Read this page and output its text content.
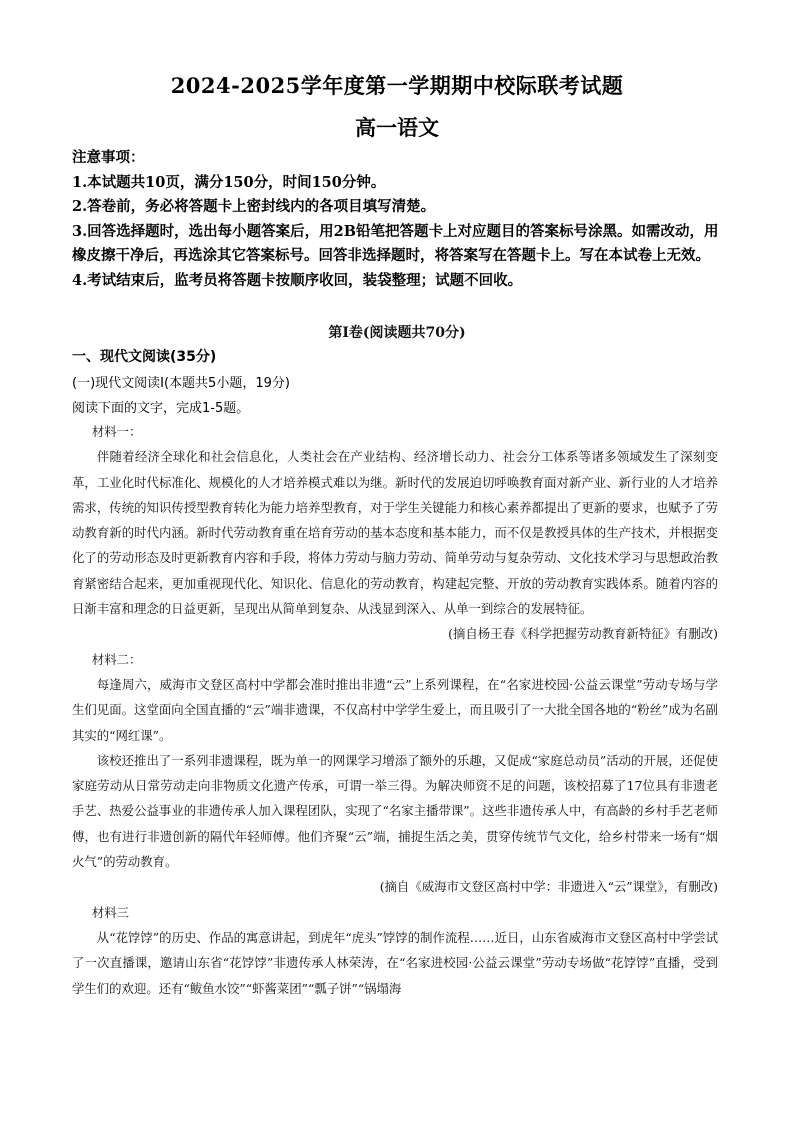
2024-2025学年度第一学期期中校际联考试题
高一语文

注意事项：

1.本试题共10页，满分150分，时间150分钟。

2.答卷前，务必将答题卡上密封线内的各项目填写清楚。

3.回答选择题时，选出每小题答案后，用2B铅笔把答题卡上对应题目的答案标号涂黑。如需改动，用橡皮擦干净后，再选涂其它答案标号。回答非选择题时，将答案写在答题卡上。写在本试卷上无效。

4.考试结束后，监考员将答题卡按顺序收回，装袋整理；试题不回收。

第Ⅰ卷(阅读题共70分)
一、现代文阅读(35分)
(一)现代文阅读Ⅰ(本题共5小题，19分)
阅读下面的文字，完成1-5题。

材料一：

伴随着经济全球化和社会信息化，人类社会在产业结构、经济增长动力、社会分工体系等诸多领域发生了深刻变革，工业化时代标准化、规模化的人才培养模式难以为继。新时代的发展迫切呼唤教育面对新产业、新行业的人才培养需求，传统的知识传授型教育转化为能力培养型教育，对于学生关键能力和核心素养都提出了更新的要求，也赋予了劳动教育新的时代内涵。新时代劳动教育重在培育劳动的基本态度和基本能力，而不仅是教授具体的生产技术，并根据变化了的劳动形态及时更新教育内容和手段，将体力劳动与脑力劳动、简单劳动与复杂劳动、文化技术学习与思想政治教育紧密结合起来，更加重视现代化、知识化、信息化的劳动教育，构建起完整、开放的劳动教育实践体系。随着内容的日渐丰富和理念的日益更新，呈现出从简单到复杂、从浅显到深入、从单一到综合的发展特征。

(摘自杨王春《科学把握劳动教育新特征》有删改)

材料二：

每逢周六，威海市文登区高村中学都会准时推出非遗“云”上系列课程，在“名家进校园·公益云课堂”劳动专场与学生们见面。这堂面向全国直播的“云”端非遗课，不仅高村中学学生爱上，而且吸引了一大批全国各地的“粉丝”成为名副其实的“网红课”。

该校还推出了一系列非遗课程，既为单一的网课学习增添了额外的乐趣，又促成“家庭总动员”活动的开展，还促使家庭劳动从日常劳动走向非物质文化遗产传承，可谓一举三得。为解决师资不足的问题，该校招募了17位具有非遗老手艺、热爱公益事业的非遗传承人加入课程团队，实现了“名家主播带课”。这些非遗传承人中，有高龄的乡村手艺老师傅，也有进行非遗创新的隔代年轻师傅。他们齐聚“云”端，捕捉生活之美，贯穿传统节气文化，给乡村带来一场有“烟火气”的劳动教育。

(摘自《威海市文登区高村中学：非遗进入“云”课堂》，有删改)

材料三

从“花饽饽”的历史、作品的寓意讲起，到虎年“虎头”饽饽的制作流程……近日，山东省威海市文登区高村中学尝试了一次直播课，邀请山东省“花饽饽”非遗传承人林荣涛，在“名家进校园·公益云课堂”劳动专场做“花饽饽”直播，受到学生们的欢迎。还有“鲅鱼水饺”“虾酱菜团”“瓢子饼”“锅塌海
